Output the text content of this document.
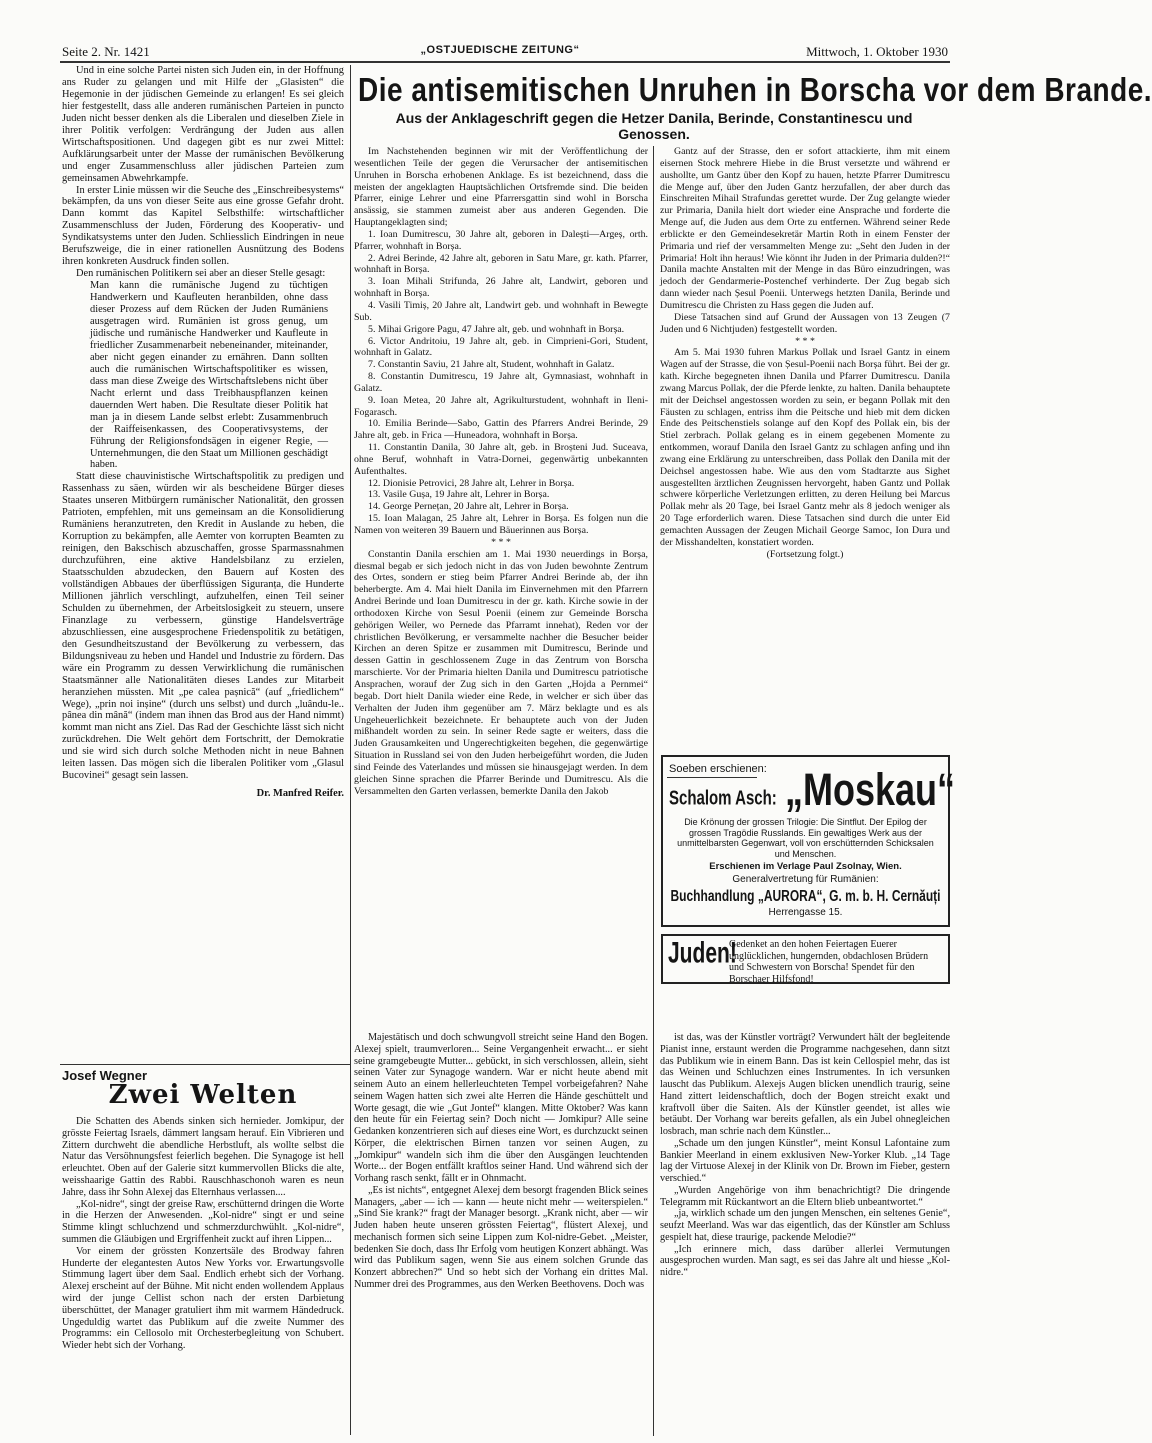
Seite 2. Nr. 1421	„OSTJUEDISCHE ZEITUNG“	Mittwoch, 1. Oktober 1930

Und in eine solche Partei nisten sich Juden ein, in der Hoffnung ans Ruder zu gelangen und mit Hilfe der „Glasisten“ die Hegemonie in der jüdischen Gemeinde zu erlangen! Es sei gleich hier festgestellt, dass alle anderen rumänischen Parteien in puncto Juden nicht besser denken als die Liberalen und dieselben Ziele in ihrer Politik verfolgen: Verdrängung der Juden aus allen Wirtschaftspositionen. Und dagegen gibt es nur zwei Mittel: Aufklärungsarbeit unter der Masse der rumänischen Bevölkerung und enger Zusammenschluss aller jüdischen Parteien zum gemeinsamen Abwehrkampfe.

In erster Linie müssen wir die Seuche des „Einschreibesystems“ bekämpfen, da uns von dieser Seite aus eine grosse Gefahr droht. Dann kommt das Kapitel Selbsthilfe: wirtschaftlicher Zusammenschluss der Juden, Förderung des Kooperativ- und Syndikatsystems unter den Juden. Schliesslich Eindringen in neue Berufszweige, die in einer rationellen Ausnützung des Bodens ihren konkreten Ausdruck finden sollen.

Den rumänischen Politikern sei aber an dieser Stelle gesagt:

Man kann die rumänische Jugend zu tüchtigen Handwerkern und Kaufleuten heranbilden, ohne dass dieser Prozess auf dem Rücken der Juden Rumäniens ausgetragen wird. Rumänien ist gross genug, um jüdische und rumänische Handwerker und Kaufleute in friedlicher Zusammenarbeit nebeneinander, miteinander, aber nicht gegen einander zu ernähren. Dann sollten auch die rumänischen Wirtschaftspolitiker es wissen, dass man diese Zweige des Wirtschaftslebens nicht über Nacht erlernt und dass Treibhauspflanzen keinen dauernden Wert haben. Die Resultate dieser Politik hat man ja in diesem Lande selbst erlebt: Zusammenbruch der Raiffeisenkassen, des Cooperativsystems, der Führung der Religionsfondsägen in eigener Regie, — Unternehmungen, die den Staat um Millionen geschädigt haben.

Statt diese chauvinistische Wirtschaftspolitik zu predigen und Rassenhass zu säen, würden wir als bescheidene Bürger dieses Staates unseren Mitbürgern rumänischer Nationalität, den grossen Patrioten, empfehlen, mit uns gemeinsam an die Konsolidierung Rumäniens heranzutreten, den Kredit in Auslande zu heben, die Korruption zu bekämpfen, alle Aemter von korrupten Beamten zu reinigen, den Bakschisch abzuschaffen, grosse Sparmassnahmen durchzuführen, eine aktive Handelsbilanz zu erzielen, Staatsschulden abzudecken, den Bauern auf Kosten des vollständigen Abbaues der überflüssigen Siguranța, die Hunderte Millionen jährlich verschlingt, aufzuhelfen, einen Teil seiner Schulden zu übernehmen, der Arbeitslosigkeit zu steuern, unsere Finanzlage zu verbessern, günstige Handelsverträge abzuschliessen, eine ausgesprochene Friedenspolitik zu betätigen, den Gesundheitszustand der Bevölkerung zu verbessern, das Bildungsniveau zu heben und Handel und Industrie zu fördern. Das wäre ein Programm zu dessen Verwirklichung die rumänischen Staatsmänner alle Nationalitäten dieses Landes zur Mitarbeit heranziehen müssten. Mit „pe calea pașnică“ (auf „friedlichem“ Wege), „prin noi inșine“ (durch uns selbst) und durch „luându-le.. pânea din mână“ (indem man ihnen das Brod aus der Hand nimmt) kommt man nicht ans Ziel. Das Rad der Geschichte lässt sich nicht zurückdrehen. Die Welt gehört dem Fortschritt, der Demokratie und sie wird sich durch solche Methoden nicht in neue Bahnen leiten lassen. Das mögen sich die liberalen Politiker vom „Glasul Bucovinei“ gesagt sein lassen.

Dr. Manfred Reifer.

Die antisemitischen Unruhen in Borscha vor dem Brande.
Aus der Anklageschrift gegen die Hetzer Danila, Berinde, Constantinescu und Genossen.

Im Nachstehenden beginnen wir mit der Veröffentlichung der wesentlichen Teile der gegen die Verursacher der antisemitischen Unruhen in Borscha erhobenen Anklage. Es ist bezeichnend, dass die meisten der angeklagten Hauptsächlichen Ortsfremde sind. Die beiden Pfarrer, einige Lehrer und eine Pfarrersgattin sind wohl in Borscha ansässig, sie stammen zumeist aber aus anderen Gegenden. Die Hauptangeklagten sind;

1. Ioan Dumitrescu, 30 Jahre alt, geboren in Dalești—Argeș, orth. Pfarrer, wohnhaft in Borșa.

2. Adrei Berinde, 42 Jahre alt, geboren in Satu Mare, gr. kath. Pfarrer, wohnhaft in Borșa.

3. Ioan Mihali Strifunda, 26 Jahre alt, Landwirt, geboren und wohnhaft in Borșa.

4. Vasili Timiș, 20 Jahre alt, Landwirt geb. und wohnhaft in Bewegte Sub.

5. Mihai Grigore Pagu, 47 Jahre alt, geb. und wohnhaft in Borșa.

6. Victor Andritoiu, 19 Jahre alt, geb. in Cimprieni-Gori, Student, wohnhaft in Galatz.

7. Constantin Saviu, 21 Jahre alt, Student, wohnhaft in Galatz.

8. Constantin Dumitrescu, 19 Jahre alt, Gymnasiast, wohnhaft in Galatz.

9. Ioan Metea, 20 Jahre alt, Agrikulturstudent, wohnhaft in Ileni-Fogarasch.

10. Emilia Berinde—Sabo, Gattin des Pfarrers Andrei Berinde, 29 Jahre alt, geb. in Frica —Huneadora, wohnhaft in Borșa.

11. Constantin Danila, 30 Jahre alt, geb. in Broșteni Jud. Suceava, ohne Beruf, wohnhaft in Vatra-Dornei, gegenwärtig unbekannten Aufenthaltes.

12. Dionisie Petrovici, 28 Jahre alt, Lehrer in Borșa.

13. Vasile Gușa, 19 Jahre alt, Lehrer in Borșa.

14. George Pernețan, 20 Jahre alt, Lehrer in Borșa.

15. Ioan Malagan, 25 Jahre alt, Lehrer in Borșa. Es folgen nun die Namen von weiteren 39 Bauern und Bäuerinnen aus Borșa.

* * *

Constantin Danila erschien am 1. Mai 1930 neuerdings in Borșa, diesmal begab er sich jedoch nicht in das von Juden bewohnte Zentrum des Ortes, sondern er stieg beim Pfarrer Andrei Berinde ab, der ihn beherbergte. Am 4. Mai hielt Danila im Einvernehmen mit den Pfarrern Andrei Berinde und Ioan Dumitrescu in der gr. kath. Kirche sowie in der orthodoxen Kirche von Sesul Poenii (einem zur Gemeinde Borscha gehörigen Weiler, wo Pernede das Pfarramt innehat), Reden vor der christlichen Bevölkerung, er versammelte nachher die Besucher beider Kirchen an deren Spitze er zusammen mit Dumitrescu, Berinde und dessen Gattin in geschlossenem Zuge in das Zentrum von Borscha marschierte. Vor der Primaria hielten Danila und Dumitrescu patriotische Ansprachen, worauf der Zug sich in den Garten „Hojda a Pernmei“ begab. Dort hielt Danila wieder eine Rede, in welcher er sich über das Verhalten der Juden ihm gegenüber am 7. März beklagte und es als Ungeheuerlichkeit bezeichnete. Er behauptete auch von der Juden mißhandelt worden zu sein. In seiner Rede sagte er weiters, dass die Juden Grausamkeiten und Ungerechtigkeiten begehen, die gegenwärtige Situation in Russland sei von den Juden herbeigeführt worden, die Juden sind Feinde des Vaterlandes und müssen sie hinausgejagt werden. In dem gleichen Sinne sprachen die Pfarrer Berinde und Dumitrescu. Als die Versammelten den Garten verlassen, bemerkte Danila den Jakob

Gantz auf der Strasse, den er sofort attackierte, ihm mit einem eisernen Stock mehrere Hiebe in die Brust versetzte und während er aushollte, um Gantz über den Kopf zu hauen, hetzte Pfarrer Dumitrescu die Menge auf, über den Juden Gantz herzufallen, der aber durch das Einschreiten Mihail Strafundas gerettet wurde. Der Zug gelangte wieder zur Primaria, Danila hielt dort wieder eine Ansprache und forderte die Menge auf, die Juden aus dem Orte zu entfernen. Während seiner Rede erblickte er den Gemeindesekretär Martin Roth in einem Fenster der Primaria und rief der versammelten Menge zu: „Seht den Juden in der Primaria! Holt ihn heraus! Wie könnt ihr Juden in der Primaria dulden?!“ Danila machte Anstalten mit der Menge in das Büro einzudringen, was jedoch der Gendarmerie-Postenchef verhinderte. Der Zug begab sich dann wieder nach Șesul Poenii. Unterwegs hetzten Danila, Berinde und Dumitrescu die Christen zu Hass gegen die Juden auf.

Diese Tatsachen sind auf Grund der Aussagen von 13 Zeugen (7 Juden und 6 Nichtjuden) festgestellt worden.

* * *

Am 5. Mai 1930 fuhren Markus Pollak und Israel Gantz in einem Wagen auf der Strasse, die von Șesul-Poenii nach Borșa führt. Bei der gr. kath. Kirche begegneten ihnen Danila und Pfarrer Dumitrescu. Danila zwang Marcus Pollak, der die Pferde lenkte, zu halten. Danila behauptete mit der Deichsel angestossen worden zu sein, er begann Pollak mit den Fäusten zu schlagen, entriss ihm die Peitsche und hieb mit dem dicken Ende des Peitschenstiels solange auf den Kopf des Pollak ein, bis der Stiel zerbrach. Pollak gelang es in einem gegebenen Momente zu entkommen, worauf Danila den Israel Gantz zu schlagen anfing und ihn zwang eine Erklärung zu unterschreiben, dass Pollak den Danila mit der Deichsel angestossen habe. Wie aus den vom Stadtarzte aus Sighet ausgestellten ärztlichen Zeugnissen hervorgeht, haben Gantz und Pollak schwere körperliche Verletzungen erlitten, zu deren Heilung bei Marcus Pollak mehr als 20 Tage, bei Israel Gantz mehr als 8 jedoch weniger als 20 Tage erforderlich waren. Diese Tatsachen sind durch die unter Eid gemachten Aussagen der Zeugen Michail George Samoc, Ion Dura und der Misshandelten, konstatiert worden.

(Fortsetzung folgt.)

Soeben erschienen:
Schalom Asch: „Moskau“
Die Krönung der grossen Trilogie: Die Sintflut. Der Epilog der grossen Tragödie Russlands. Ein gewaltiges Werk aus der unmittelbarsten Gegenwart, voll von erschütternden Schicksalen und Menschen.
Erschienen im Verlage Paul Zsolnay, Wien.
Generalvertretung für Rumänien:
Buchhandlung „AURORA“, G. m. b. H. Cernăuți
Herrengasse 15.
Juden!
Gedenket an den hohen Feiertagen Euerer unglücklichen, hungernden, obdachlosen Brüdern und Schwestern von Borscha! Spendet für den Borschaer Hilfsfond!
Josef Wegner
Zwei Welten

Die Schatten des Abends sinken sich hernieder. Jomkipur, der grösste Feiertag Israels, dämmert langsam herauf. Ein Vibrieren und Zittern durchweht die abendliche Herbstluft, als wollte selbst die Natur das Versöhnungsfest feierlich begehen. Die Synagoge ist hell erleuchtet. Oben auf der Galerie sitzt kummervollen Blicks die alte, weisshaarige Gattin des Rabbi. Rauschhaschonoh waren es neun Jahre, dass ihr Sohn Alexej das Elternhaus verlassen....

„Kol-nidre“, singt der greise Raw, erschütternd dringen die Worte in die Herzen der Anwesenden. „Kol-nidre“ singt er und seine Stimme klingt schluchzend und schmerzdurchwühlt. „Kol-nidre“, summen die Gläubigen und Ergriffenheit zuckt auf ihren Lippen...

Vor einem der grössten Konzertsäle des Brodway fahren Hunderte der elegantesten Autos New Yorks vor. Erwartungsvolle Stimmung lagert über dem Saal. Endlich erhebt sich der Vorhang. Alexej erscheint auf der Bühne. Mit nicht enden wollendem Applaus wird der junge Cellist schon nach der ersten Darbietung überschüttet, der Manager gratuliert ihm mit warmem Händedruck. Ungeduldig wartet das Publikum auf die zweite Nummer des Programms: ein Cellosolo mit Orchesterbegleitung von Schubert. Wieder hebt sich der Vorhang.

Majestätisch und doch schwungvoll streicht seine Hand den Bogen. Alexej spielt, traumverloren... Seine Vergangenheit erwacht... er sieht seine gramgebeugte Mutter... gebückt, in sich verschlossen, allein, sieht seinen Vater zur Synagoge wandern. War er nicht heute abend mit seinem Auto an einem hellerleuchteten Tempel vorbeigefahren? Nahe seinem Wagen hatten sich zwei alte Herren die Hände geschüttelt und Worte gesagt, die wie „Gut Jontef“ klangen. Mitte Oktober? Was kann den heute für ein Feiertag sein? Doch nicht — Jomkipur? Alle seine Gedanken konzentrieren sich auf dieses eine Wort, es durchzuckt seinen Körper, die elektrischen Birnen tanzen vor seinen Augen, zu „Jomkipur“ wandeln sich ihm die über den Ausgängen leuchtenden Worte... der Bogen entfällt kraftlos seiner Hand. Und während sich der Vorhang rasch senkt, fällt er in Ohnmacht.

„Es ist nichts“, entgegnet Alexej dem besorgt fragenden Blick seines Managers, „aber — ich — kann — heute nicht mehr — weiterspielen.“ „Sind Sie krank?“ fragt der Manager besorgt. „Krank nicht, aber — wir Juden haben heute unseren grössten Feiertag“, flüstert Alexej, und mechanisch formen sich seine Lippen zum Kol-nidre-Gebet. „Meister, bedenken Sie doch, dass Ihr Erfolg vom heutigen Konzert abhängt. Was wird das Publikum sagen, wenn Sie aus einem solchen Grunde das Konzert abbrechen?“ Und so hebt sich der Vorhang ein drittes Mal. Nummer drei des Programmes, aus den Werken Beethovens. Doch was

ist das, was der Künstler vorträgt? Verwundert hält der begleitende Pianist inne, erstaunt werden die Programme nachgesehen, dann sitzt das Publikum wie in einem Bann. Das ist kein Cellospiel mehr, das ist das Weinen und Schluchzen eines Instrumentes. In ich versunken lauscht das Publikum. Alexejs Augen blicken unendlich traurig, seine Hand zittert leidenschaftlich, doch der Bogen streicht exakt und kraftvoll über die Saiten. Als der Künstler geendet, ist alles wie betäubt. Der Vorhang war bereits gefallen, als ein Jubel ohnegleichen losbrach, man schrie nach dem Künstler...

„Schade um den jungen Künstler“, meint Konsul Lafontaine zum Bankier Meerland in einem exklusiven New-Yorker Klub. „14 Tage lag der Virtuose Alexej in der Klinik von Dr. Brown im Fieber, gestern verschied.“

„Wurden Angehörige von ihm benachrichtigt? Die dringende Telegramm mit Rückantwort an die Eltern blieb unbeantwortet.“

„ja, wirklich schade um den jungen Menschen, ein seltenes Genie“, seufzt Meerland. Was war das eigentlich, das der Künstler am Schluss gespielt hat, diese traurige, packende Melodie?“

„Ich erinnere mich, dass darüber allerlei Vermutungen ausgesprochen wurden. Man sagt, es sei das Jahre alt und hiesse „Kol-nidre.“
